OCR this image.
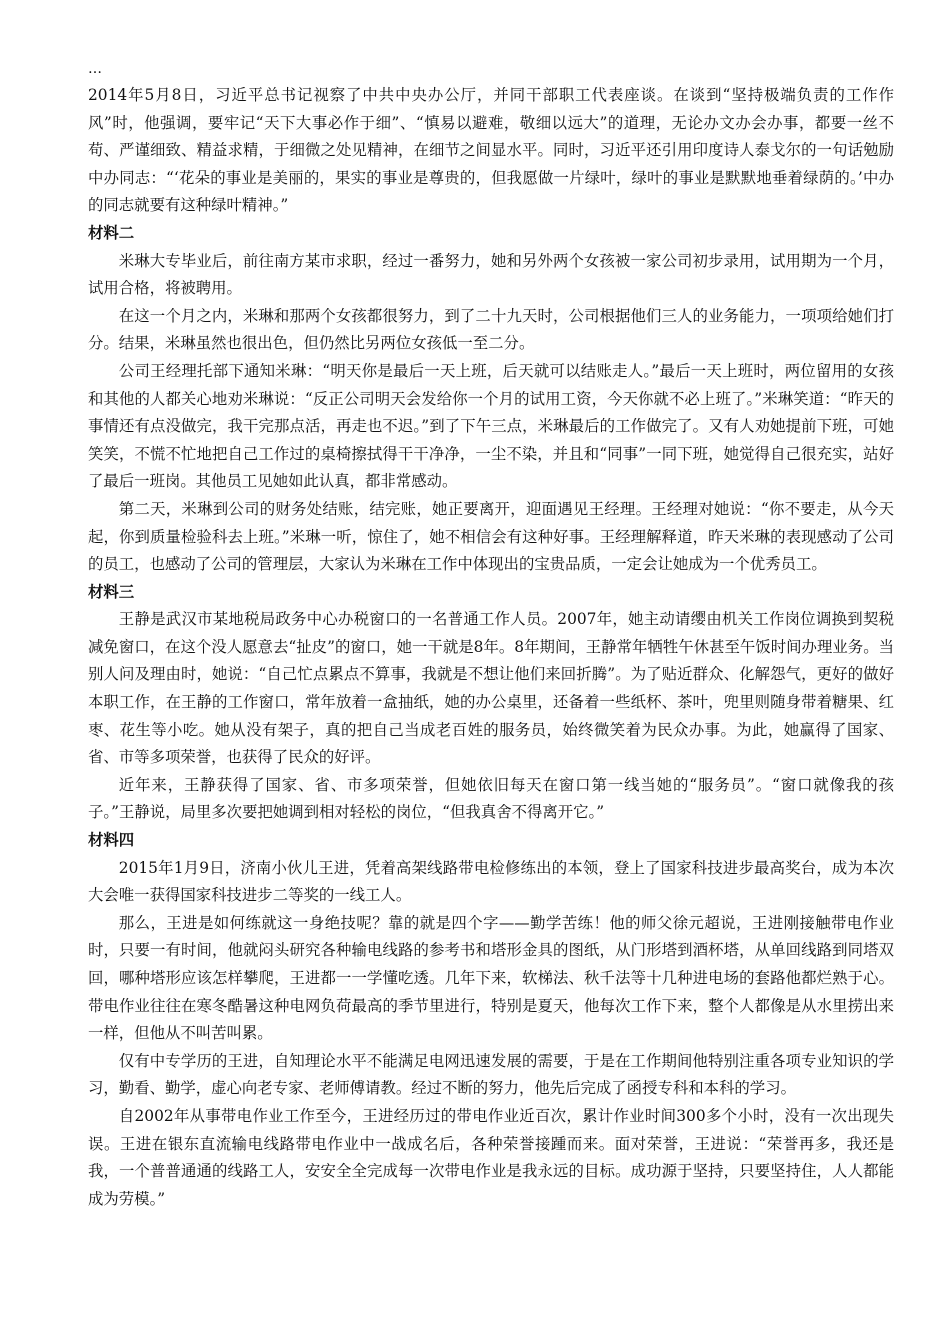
…

2014年5月8日，习近平总书记视察了中共中央办公厅，并同干部职工代表座谈。在谈到“坚持极端负责的工作作风”时，他强调，要牢记“天下大事必作于细”、“慎易以避难，敬细以远大”的道理，无论办文办会办事，都要一丝不苟、严谨细致、精益求精，于细微之处见精神，在细节之间显水平。同时，习近平还引用印度诗人泰戈尔的一句话勉励中办同志：“‘花朵的事业是美丽的，果实的事业是尊贵的，但我愿做一片绿叶，绿叶的事业是默默地垂着绿荫的。’中办的同志就要有这种绿叶精神。”

材料二

米琳大专毕业后，前往南方某市求职，经过一番努力，她和另外两个女孩被一家公司初步录用，试用期为一个月，试用合格，将被聘用。

在这一个月之内，米琳和那两个女孩都很努力，到了二十九天时，公司根据他们三人的业务能力，一项项给她们打分。结果，米琳虽然也很出色，但仍然比另两位女孩低一至二分。

公司王经理托部下通知米琳：“明天你是最后一天上班，后天就可以结账走人。”最后一天上班时，两位留用的女孩和其他的人都关心地劝米琳说：“反正公司明天会发给你一个月的试用工资，今天你就不必上班了。”米琳笑道：“昨天的事情还有点没做完，我干完那点活，再走也不迟。”到了下午三点，米琳最后的工作做完了。又有人劝她提前下班，可她笑笑，不慌不忙地把自己工作过的桌椅擦拭得干干净净，一尘不染，并且和“同事”一同下班，她觉得自己很充实，站好了最后一班岗。其他员工见她如此认真，都非常感动。

第二天，米琳到公司的财务处结账，结完账，她正要离开，迎面遇见王经理。王经理对她说：“你不要走，从今天起，你到质量检验科去上班。”米琳一听，惊住了，她不相信会有这种好事。王经理解释道，昨天米琳的表现感动了公司的员工，也感动了公司的管理层，大家认为米琳在工作中体现出的宝贵品质，一定会让她成为一个优秀员工。

材料三

王静是武汉市某地税局政务中心办税窗口的一名普通工作人员。2007年，她主动请缨由机关工作岗位调换到契税减免窗口，在这个没人愿意去“扯皮”的窗口，她一干就是8年。8年期间，王静常年牺牲午休甚至午饭时间办理业务。当别人问及理由时，她说：“自己忙点累点不算事，我就是不想让他们来回折腾”。为了贴近群众、化解怨气，更好的做好本职工作，在王静的工作窗口，常年放着一盒抽纸，她的办公桌里，还备着一些纸杯、茶叶，兜里则随身带着糖果、红枣、花生等小吃。她从没有架子，真的把自己当成老百姓的服务员，始终微笑着为民众办事。为此，她赢得了国家、省、市等多项荣誉，也获得了民众的好评。

近年来，王静获得了国家、省、市多项荣誉，但她依旧每天在窗口第一线当她的“服务员”。“窗口就像我的孩子。”王静说，局里多次要把她调到相对轻松的岗位，“但我真舍不得离开它。”

材料四

2015年1月9日，济南小伙儿王进，凭着高架线路带电检修练出的本领，登上了国家科技进步最高奖台，成为本次大会唯一获得国家科技进步二等奖的一线工人。

那么，王进是如何练就这一身绝技呢？靠的就是四个字——勤学苦练！他的师父徐元超说，王进刚接触带电作业时，只要一有时间，他就闷头研究各种输电线路的参考书和塔形金具的图纸，从门形塔到酒杯塔，从单回线路到同塔双回，哪种塔形应该怎样攀爬，王进都一一学懂吃透。几年下来，软梯法、秋千法等十几种进电场的套路他都烂熟于心。带电作业往往在寒冬酷暑这种电网负荷最高的季节里进行，特别是夏天，他每次工作下来，整个人都像是从水里捞出来一样，但他从不叫苦叫累。

仅有中专学历的王进，自知理论水平不能满足电网迅速发展的需要，于是在工作期间他特别注重各项专业知识的学习，勤看、勤学，虚心向老专家、老师傅请教。经过不断的努力，他先后完成了函授专科和本科的学习。

自2002年从事带电作业工作至今，王进经历过的带电作业近百次，累计作业时间300多个小时，没有一次出现失误。王进在银东直流输电线路带电作业中一战成名后，各种荣誉接踵而来。面对荣誉，王进说：“荣誉再多，我还是我，一个普普通通的线路工人，安安全全完成每一次带电作业是我永远的目标。成功源于坚持，只要坚持住，人人都能成为劳模。”
